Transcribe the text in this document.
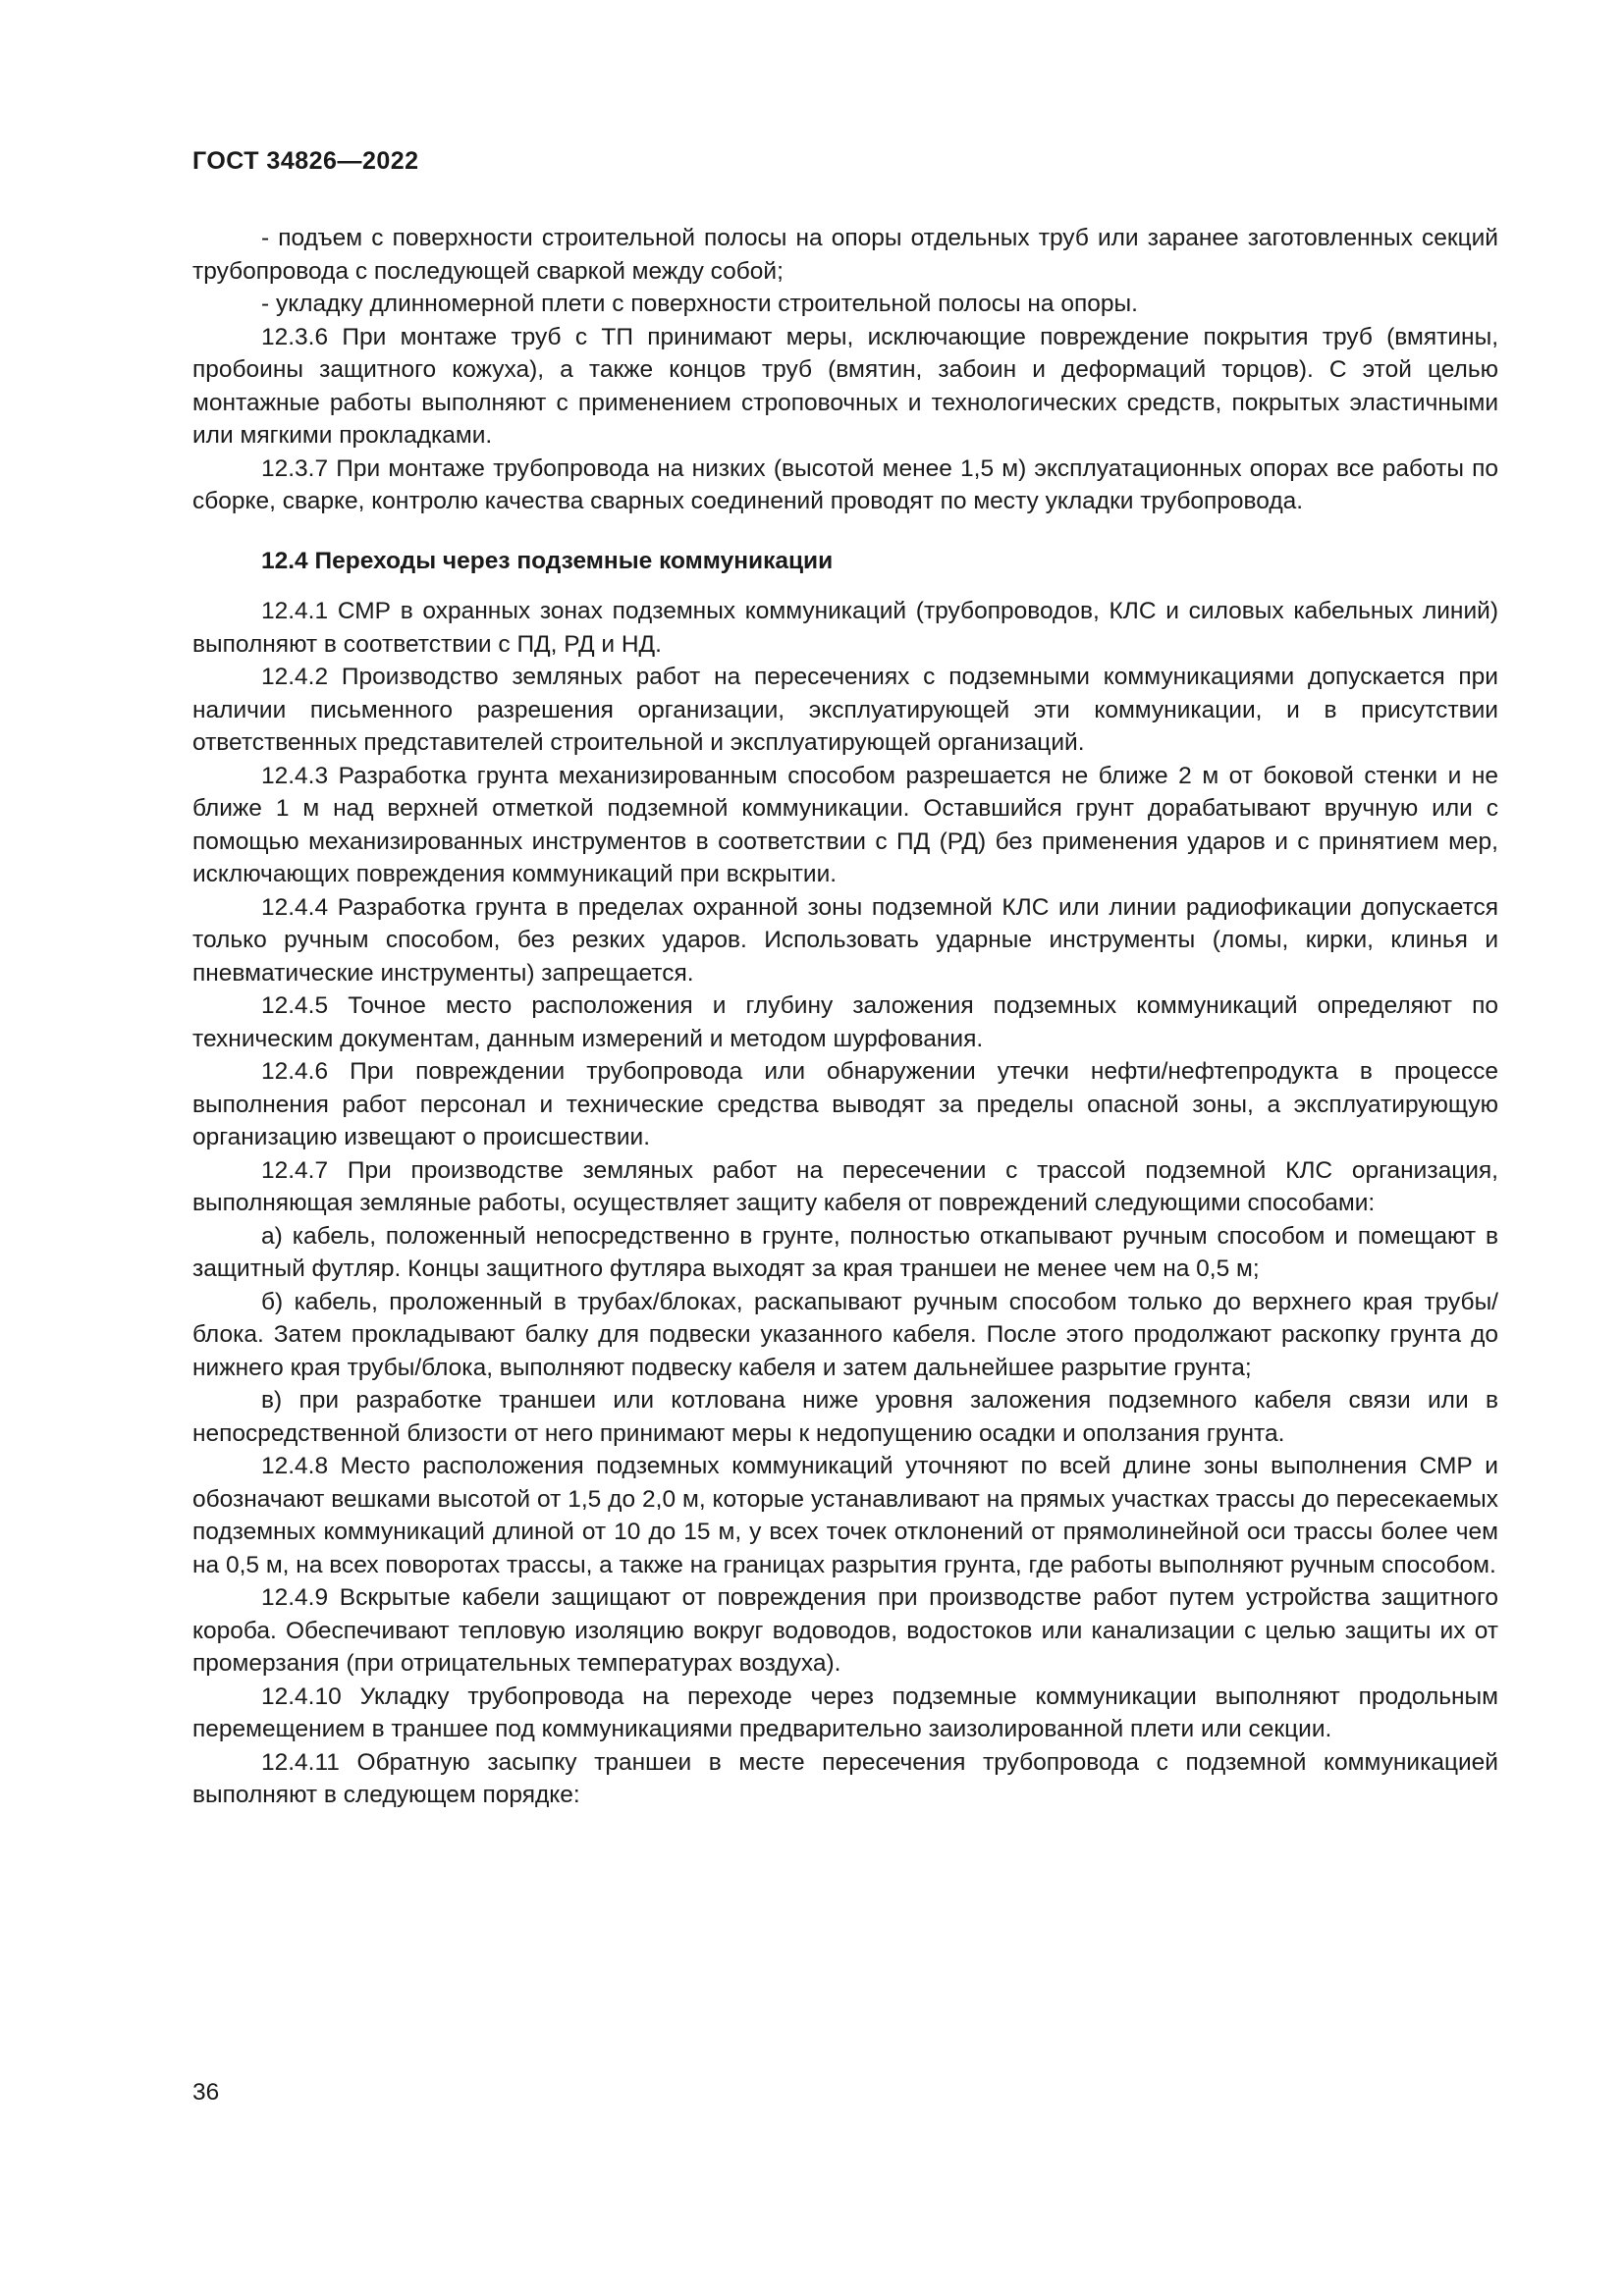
ГОСТ 34826—2022

- подъем с поверхности строительной полосы на опоры отдельных труб или заранее заготовленных секций трубопровода с последующей сваркой между собой;

- укладку длинномерной плети с поверхности строительной полосы на опоры.

12.3.6 При монтаже труб с ТП принимают меры, исключающие повреждение покрытия труб (вмятины, пробоины защитного кожуха), а также концов труб (вмятин, забоин и деформаций торцов). С этой целью монтажные работы выполняют с применением строповочных и технологических средств, покрытых эластичными или мягкими прокладками.

12.3.7 При монтаже трубопровода на низких (высотой менее 1,5 м) эксплуатационных опорах все работы по сборке, сварке, контролю качества сварных соединений проводят по месту укладки трубопровода.

12.4 Переходы через подземные коммуникации

12.4.1 СМР в охранных зонах подземных коммуникаций (трубопроводов, КЛС и силовых кабельных линий) выполняют в соответствии с ПД, РД и НД.

12.4.2 Производство земляных работ на пересечениях с подземными коммуникациями допускается при наличии письменного разрешения организации, эксплуатирующей эти коммуникации, и в присутствии ответственных представителей строительной и эксплуатирующей организаций.

12.4.3 Разработка грунта механизированным способом разрешается не ближе 2 м от боковой стенки и не ближе 1 м над верхней отметкой подземной коммуникации. Оставшийся грунт дорабатывают вручную или с помощью механизированных инструментов в соответствии с ПД (РД) без применения ударов и с принятием мер, исключающих повреждения коммуникаций при вскрытии.

12.4.4 Разработка грунта в пределах охранной зоны подземной КЛС или линии радиофикации допускается только ручным способом, без резких ударов. Использовать ударные инструменты (ломы, кирки, клинья и пневматические инструменты) запрещается.

12.4.5 Точное место расположения и глубину заложения подземных коммуникаций определяют по техническим документам, данным измерений и методом шурфования.

12.4.6 При повреждении трубопровода или обнаружении утечки нефти/нефтепродукта в процессе выполнения работ персонал и технические средства выводят за пределы опасной зоны, а эксплуатирующую организацию извещают о происшествии.

12.4.7 При производстве земляных работ на пересечении с трассой подземной КЛС организация, выполняющая земляные работы, осуществляет защиту кабеля от повреждений следующими способами:

а) кабель, положенный непосредственно в грунте, полностью откапывают ручным способом и помещают в защитный футляр. Концы защитного футляра выходят за края траншеи не менее чем на 0,5 м;

б) кабель, проложенный в трубах/блоках, раскапывают ручным способом только до верхнего края трубы/блока. Затем прокладывают балку для подвески указанного кабеля. После этого продолжают раскопку грунта до нижнего края трубы/блока, выполняют подвеску кабеля и затем дальнейшее разрытие грунта;

в) при разработке траншеи или котлована ниже уровня заложения подземного кабеля связи или в непосредственной близости от него принимают меры к недопущению осадки и оползания грунта.

12.4.8 Место расположения подземных коммуникаций уточняют по всей длине зоны выполнения СМР и обозначают вешками высотой от 1,5 до 2,0 м, которые устанавливают на прямых участках трассы до пересекаемых подземных коммуникаций длиной от 10 до 15 м, у всех точек отклонений от прямолинейной оси трассы более чем на 0,5 м, на всех поворотах трассы, а также на границах разрытия грунта, где работы выполняют ручным способом.

12.4.9 Вскрытые кабели защищают от повреждения при производстве работ путем устройства защитного короба. Обеспечивают тепловую изоляцию вокруг водоводов, водостоков или канализации с целью защиты их от промерзания (при отрицательных температурах воздуха).

12.4.10 Укладку трубопровода на переходе через подземные коммуникации выполняют продольным перемещением в траншее под коммуникациями предварительно заизолированной плети или секции.

12.4.11 Обратную засыпку траншеи в месте пересечения трубопровода с подземной коммуникацией выполняют в следующем порядке:

36
